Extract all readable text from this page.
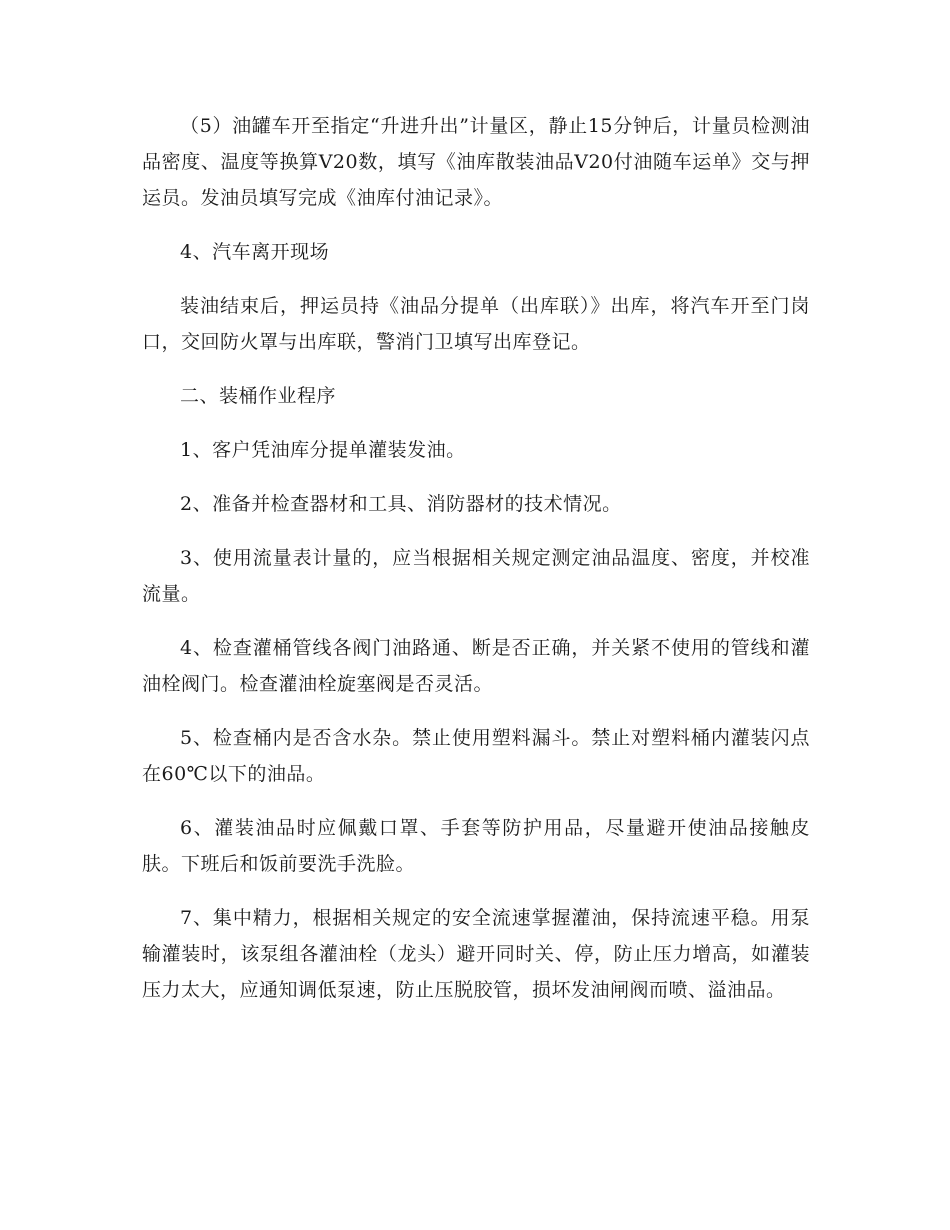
（5）油罐车开至指定“升进升出”计量区，静止15分钟后，计量员检测油品密度、温度等换算V20数，填写《油库散装油品V20付油随车运单》交与押运员。发油员填写完成《油库付油记录》。

4、汽车离开现场

装油结束后，押运员持《油品分提单（出库联）》出库，将汽车开至门岗口，交回防火罩与出库联，警消门卫填写出库登记。

二、装桶作业程序

1、客户凭油库分提单灌装发油。

2、准备并检查器材和工具、消防器材的技术情况。

3、使用流量表计量的，应当根据相关规定测定油品温度、密度，并校准流量。

4、检查灌桶管线各阀门油路通、断是否正确，并关紧不使用的管线和灌油栓阀门。检查灌油栓旋塞阀是否灵活。

5、检查桶内是否含水杂。禁止使用塑料漏斗。禁止对塑料桶内灌装闪点在60℃以下的油品。

6、灌装油品时应佩戴口罩、手套等防护用品，尽量避开使油品接触皮肤。下班后和饭前要洗手洗脸。

7、集中精力，根据相关规定的安全流速掌握灌油，保持流速平稳。用泵输灌装时，该泵组各灌油栓（龙头）避开同时关、停，防止压力增高，如灌装压力太大，应通知调低泵速，防止压脱胶管，损坏发油闸阀而喷、溢油品。
